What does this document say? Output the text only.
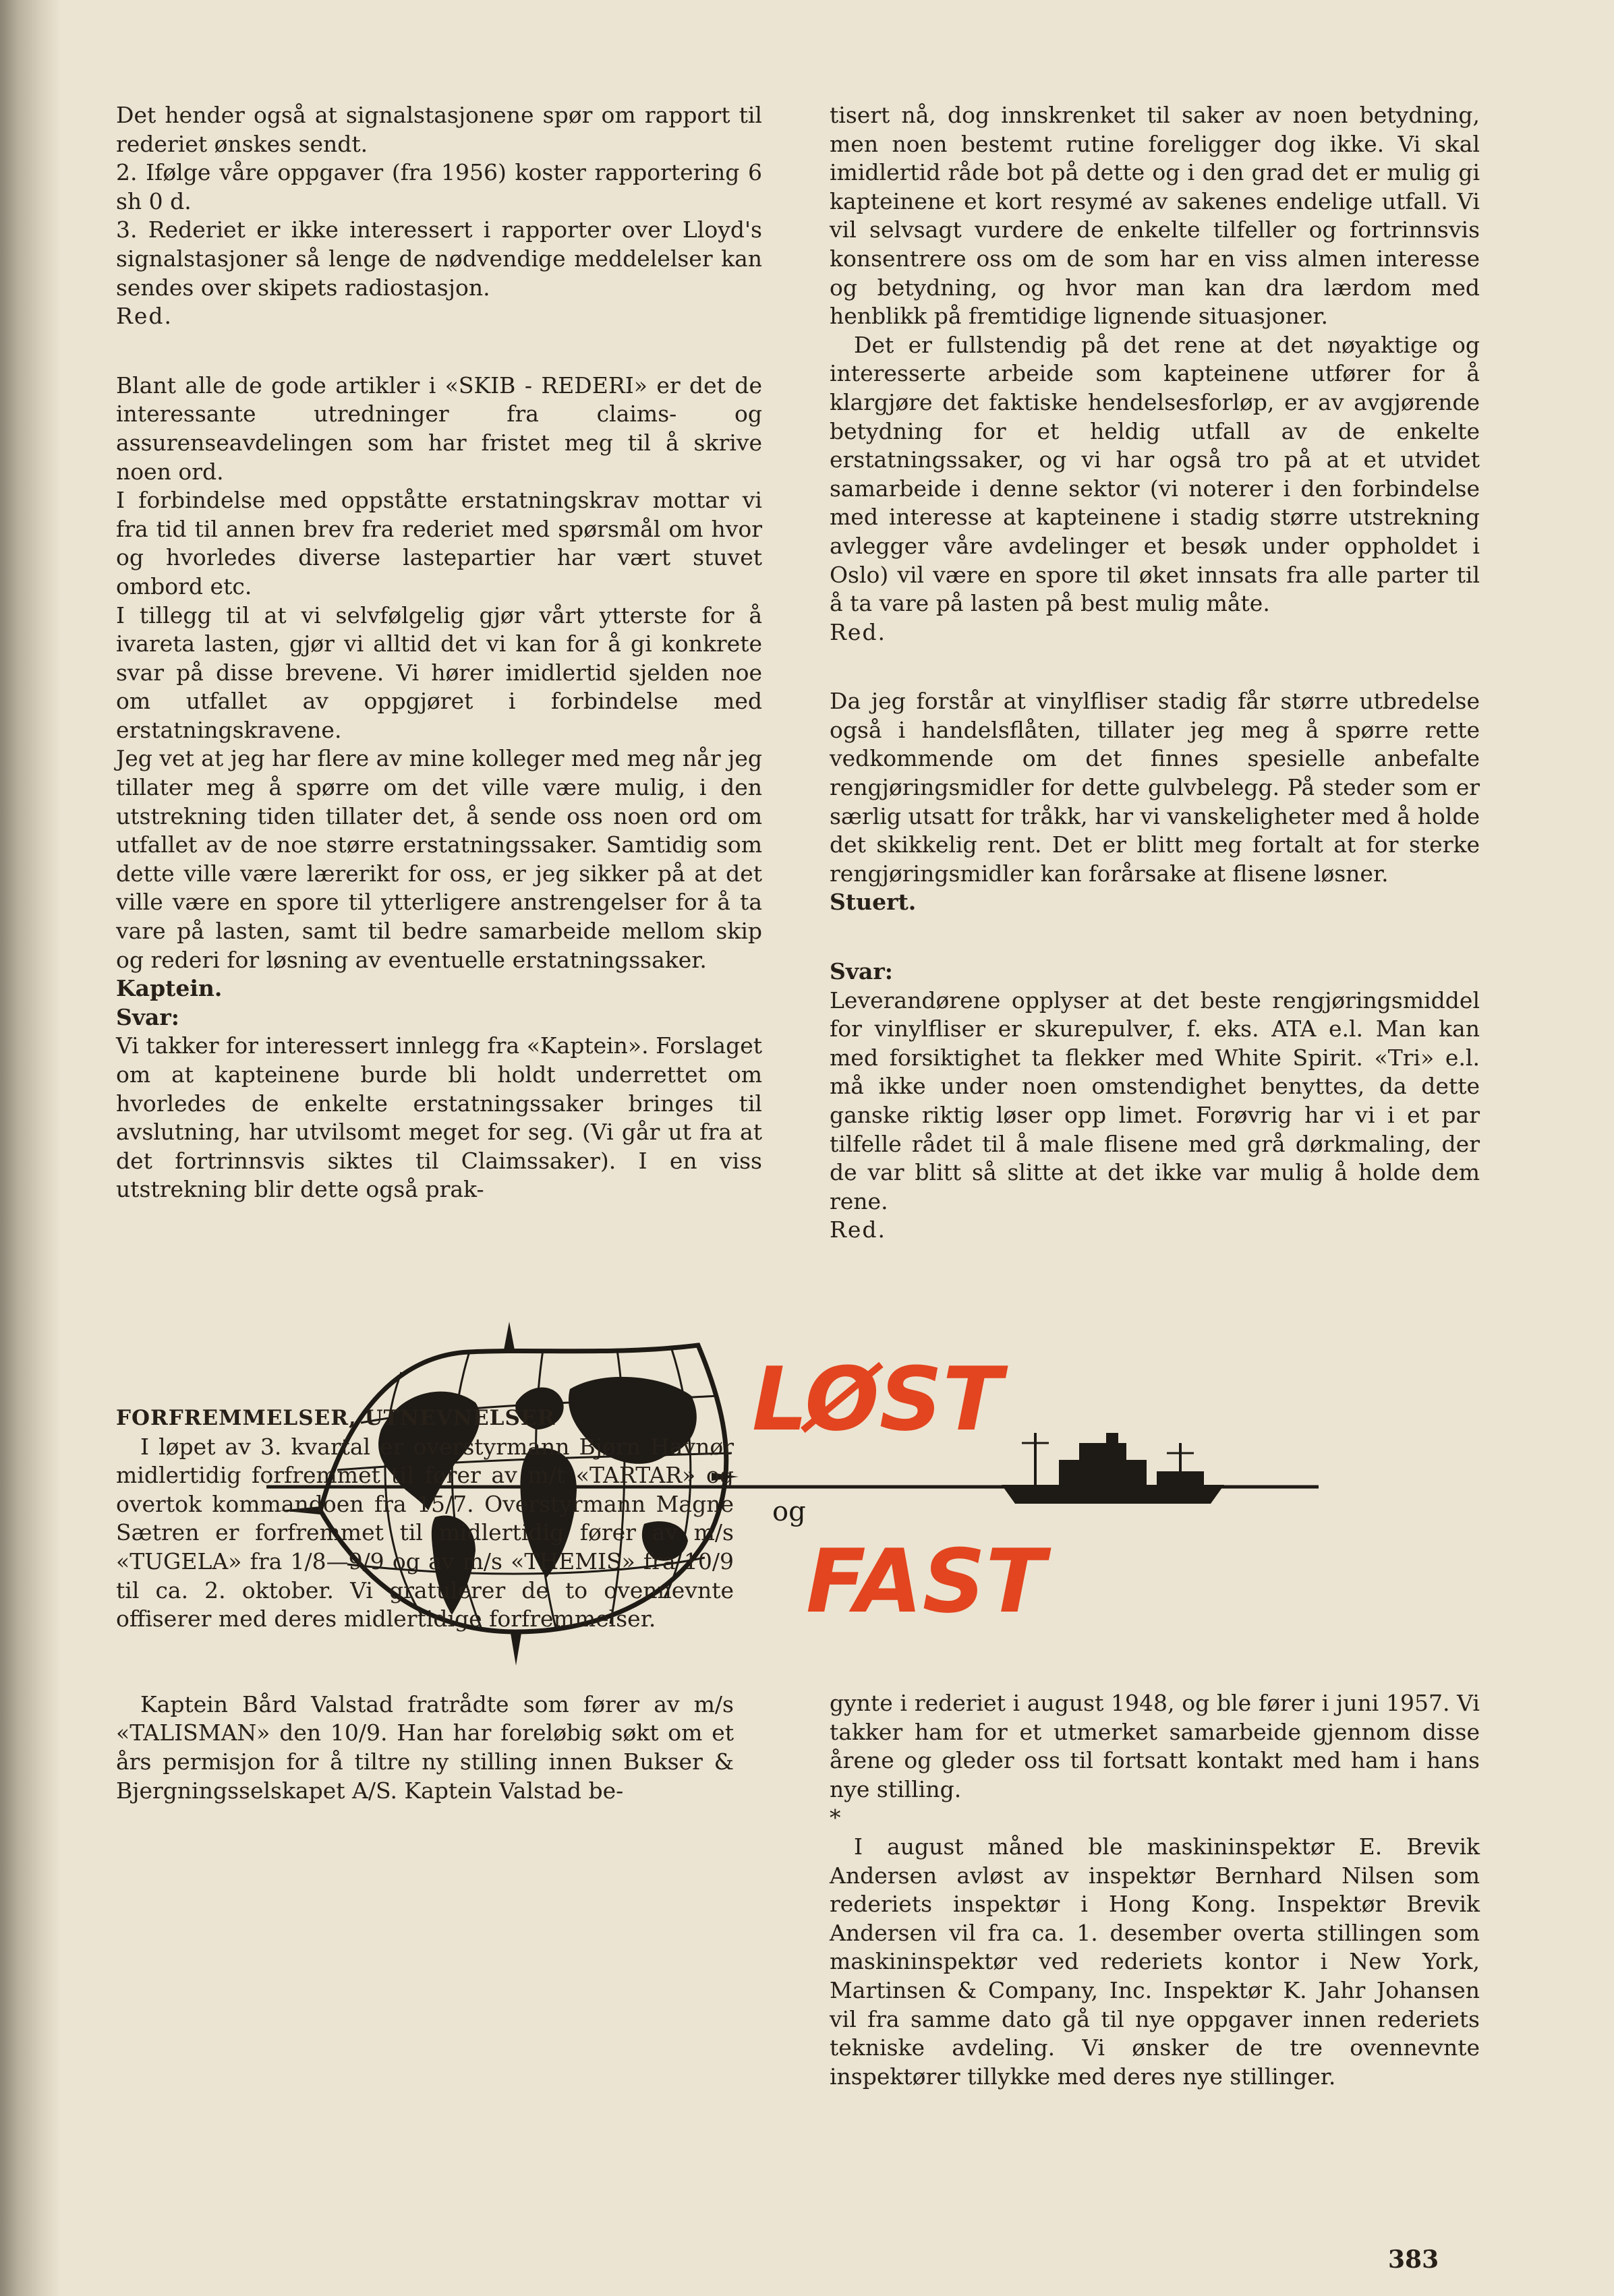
Det hender også at signalstasjonene spør om rapport til rederiet ønskes sendt.

2. Ifølge våre oppgaver (fra 1956) koster rapportering 6 sh 0 d.

3. Rederiet er ikke interessert i rapporter over Lloyd's signalstasjoner så lenge de nødvendige meddelelser kan sendes over skipets radiostasjon.

Red.

Blant alle de gode artikler i «SKIB - REDERI» er det de interessante utredninger fra claims- og assurenseavdelingen som har fristet meg til å skrive noen ord.

I forbindelse med oppståtte erstatningskrav mottar vi fra tid til annen brev fra rederiet med spørsmål om hvor og hvorledes diverse lastepartier har vært stuvet ombord etc.

I tillegg til at vi selvfølgelig gjør vårt ytterste for å ivareta lasten, gjør vi alltid det vi kan for å gi konkrete svar på disse brevene. Vi hører imidlertid sjelden noe om utfallet av oppgjøret i forbindelse med erstatningskravene.

Jeg vet at jeg har flere av mine kolleger med meg når jeg tillater meg å spørre om det ville være mulig, i den utstrekning tiden tillater det, å sende oss noen ord om utfallet av de noe større erstatningssaker. Samtidig som dette ville være lærerikt for oss, er jeg sikker på at det ville være en spore til ytterligere anstrengelser for å ta vare på lasten, samt til bedre samarbeide mellom skip og rederi for løsning av eventuelle erstatningssaker.

Kaptein.

Svar:

Vi takker for interessert innlegg fra «Kaptein». Forslaget om at kapteinene burde bli holdt underrettet om hvorledes de enkelte erstatningssaker bringes til avslutning, har utvilsomt meget for seg. (Vi går ut fra at det fortrinnsvis siktes til Claimssaker). I en viss utstrekning blir dette også prak-

tisert nå, dog innskrenket til saker av noen betydning, men noen bestemt rutine foreligger dog ikke. Vi skal imidlertid råde bot på dette og i den grad det er mulig gi kapteinene et kort resymé av sakenes endelige utfall. Vi vil selvsagt vurdere de enkelte tilfeller og fortrinnsvis konsentrere oss om de som har en viss almen interesse og betydning, og hvor man kan dra lærdom med henblikk på fremtidige lignende situasjoner.

Det er fullstendig på det rene at det nøyaktige og interesserte arbeide som kapteinene utfører for å klargjøre det faktiske hendelsesforløp, er av avgjørende betydning for et heldig utfall av de enkelte erstatningssaker, og vi har også tro på at et utvidet samarbeide i denne sektor (vi noterer i den forbindelse med interesse at kapteinene i stadig større utstrekning avlegger våre avdelinger et besøk under oppholdet i Oslo) vil være en spore til øket innsats fra alle parter til å ta vare på lasten på best mulig måte.

Red.

Da jeg forstår at vinylfliser stadig får større utbredelse også i handelsflåten, tillater jeg meg å spørre rette vedkommende om det finnes spesielle anbefalte rengjøringsmidler for dette gulvbelegg. På steder som er særlig utsatt for tråkk, har vi vanskeligheter med å holde det skikkelig rent. Det er blitt meg fortalt at for sterke rengjøringsmidler kan forårsake at flisene løsner.

Stuert.

Svar:

Leverandørene opplyser at det beste rengjøringsmiddel for vinylfliser er skurepulver, f. eks. ATA e.l. Man kan med forsiktighet ta flekker med White Spirit. «Tri» e.l. må ikke under noen omstendighet benyttes, da dette ganske riktig løser opp limet. Forøvrig har vi i et par tilfelle rådet til å male flisene med grå dørkmaling, der de var blitt så slitte at det ikke var mulig å holde dem rene.

Red.

LØST
og
FAST

FORFREMMELSER, UTNEVNELSER

I løpet av 3. kvartal er overstyrmann Bjørn Havnør midlertidig forfremmet til fører av m/t «TARTAR» og overtok kommandoen fra 15/7. Overstyrmann Magne Sætren er forfremmet til midlertidig fører av m/s «TUGELA» fra 1/8—9/9 og av m/s «THEMIS» fra 10/9 til ca. 2. oktober. Vi gratulerer de to ovennevnte offiserer med deres midlertidige forfremmelser.

Kaptein Bård Valstad fratrådte som fører av m/s «TALISMAN» den 10/9. Han har foreløbig søkt om et års permisjon for å tiltre ny stilling innen Bukser & Bjergningsselskapet A/S. Kaptein Valstad be-

gynte i rederiet i august 1948, og ble fører i juni 1957. Vi takker ham for et utmerket samarbeide gjennom disse årene og gleder oss til fortsatt kontakt med ham i hans nye stilling.

*

I august måned ble maskininspektør E. Brevik Andersen avløst av inspektør Bernhard Nilsen som rederiets inspektør i Hong Kong. Inspektør Brevik Andersen vil fra ca. 1. desember overta stillingen som maskininspektør ved rederiets kontor i New York, Martinsen & Company, Inc. Inspektør K. Jahr Johansen vil fra samme dato gå til nye oppgaver innen rederiets tekniske avdeling. Vi ønsker de tre ovennevnte inspektører tillykke med deres nye stillinger.

383
